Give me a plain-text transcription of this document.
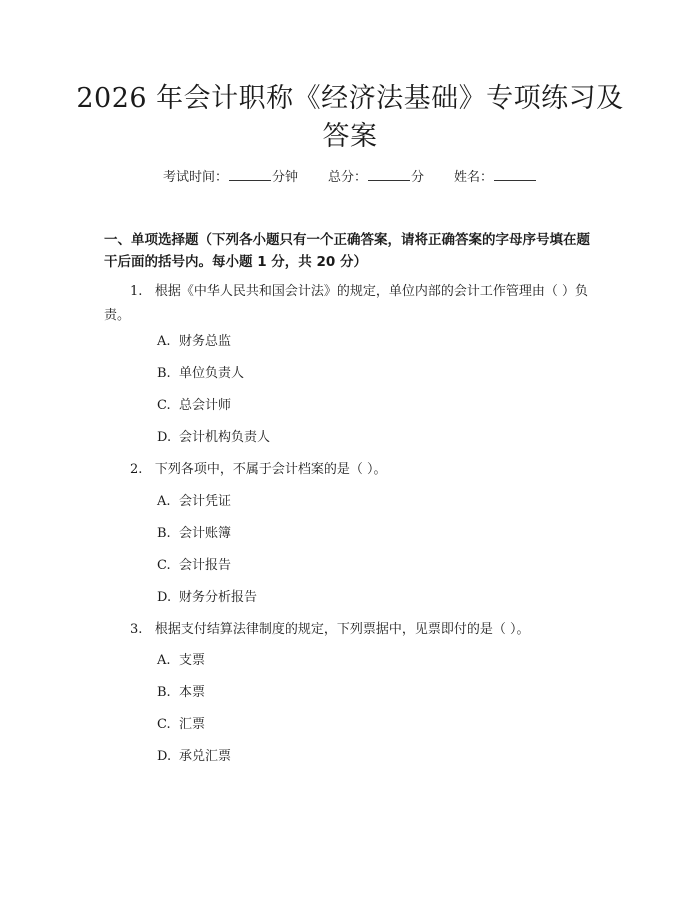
2026 年会计职称《经济法基础》专项练习及
答案
考试时间：	分钟 总分：	分 姓名：
一、单项选择题（下列各小题只有一个正确答案，请将正确答案的字母序号填在题干后面的括号内。每小题 1 分，共 20 分）
1. 根据《中华人民共和国会计法》的规定，单位内部的会计工作管理由（ ）负责。
A. 财务总监
B. 单位负责人
C. 总会计师
D. 会计机构负责人
2. 下列各项中，不属于会计档案的是（ ）。
A. 会计凭证
B. 会计账簿
C. 会计报告
D. 财务分析报告
3. 根据支付结算法律制度的规定，下列票据中，见票即付的是（ ）。
A. 支票
B. 本票
C. 汇票
D. 承兑汇票
